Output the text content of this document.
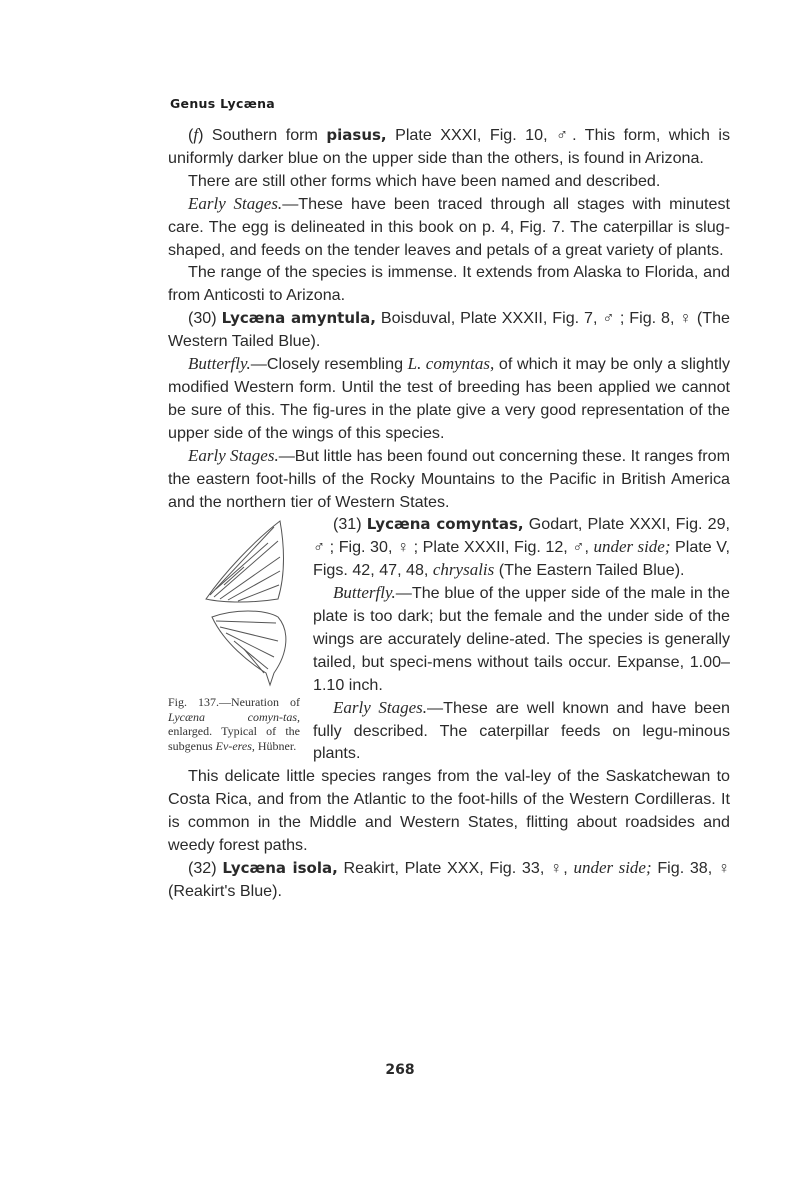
Genus Lycæna

(f) Southern form piasus, Plate XXXI, Fig. 10, ♂. This form, which is uniformly darker blue on the upper side than the others, is found in Arizona.

There are still other forms which have been named and described.

Early Stages.—These have been traced through all stages with minutest care. The egg is delineated in this book on p. 4, Fig. 7. The caterpillar is slug-shaped, and feeds on the tender leaves and petals of a great variety of plants.

The range of the species is immense. It extends from Alaska to Florida, and from Anticosti to Arizona.

(30) Lycæna amyntula, Boisduval, Plate XXXII, Fig. 7, ♂ ; Fig. 8, ♀ (The Western Tailed Blue).

Butterfly.—Closely resembling L. comyntas, of which it may be only a slightly modified Western form. Until the test of breeding has been applied we cannot be sure of this. The fig-ures in the plate give a very good representation of the upper side of the wings of this species.

Early Stages.—But little has been found out concerning these. It ranges from the eastern foot-hills of the Rocky Mountains to the Pacific in British America and the northern tier of Western States.

Fig. 137.—Neuration of Lycæna comyn-tas, enlarged. Typical of the subgenus Ev-eres, Hübner.

(31) Lycæna comyntas, Godart, Plate XXXI, Fig. 29, ♂ ; Fig. 30, ♀ ; Plate XXXII, Fig. 12, ♂, under side; Plate V, Figs. 42, 47, 48, chrysalis (The Eastern Tailed Blue).

Butterfly.—The blue of the upper side of the male in the plate is too dark; but the female and the under side of the wings are accurately deline-ated. The species is generally tailed, but speci-mens without tails occur. Expanse, 1.00–1.10 inch.

Early Stages.—These are well known and have been fully described. The caterpillar feeds on legu-minous plants.

This delicate little species ranges from the val-ley of the Saskatchewan to Costa Rica, and from the Atlantic to the foot-hills of the Western Cordilleras. It is common in the Middle and Western States, flitting about roadsides and weedy forest paths.

(32) Lycæna isola, Reakirt, Plate XXX, Fig. 33, ♀, under side; Fig. 38, ♀ (Reakirt's Blue).

268
